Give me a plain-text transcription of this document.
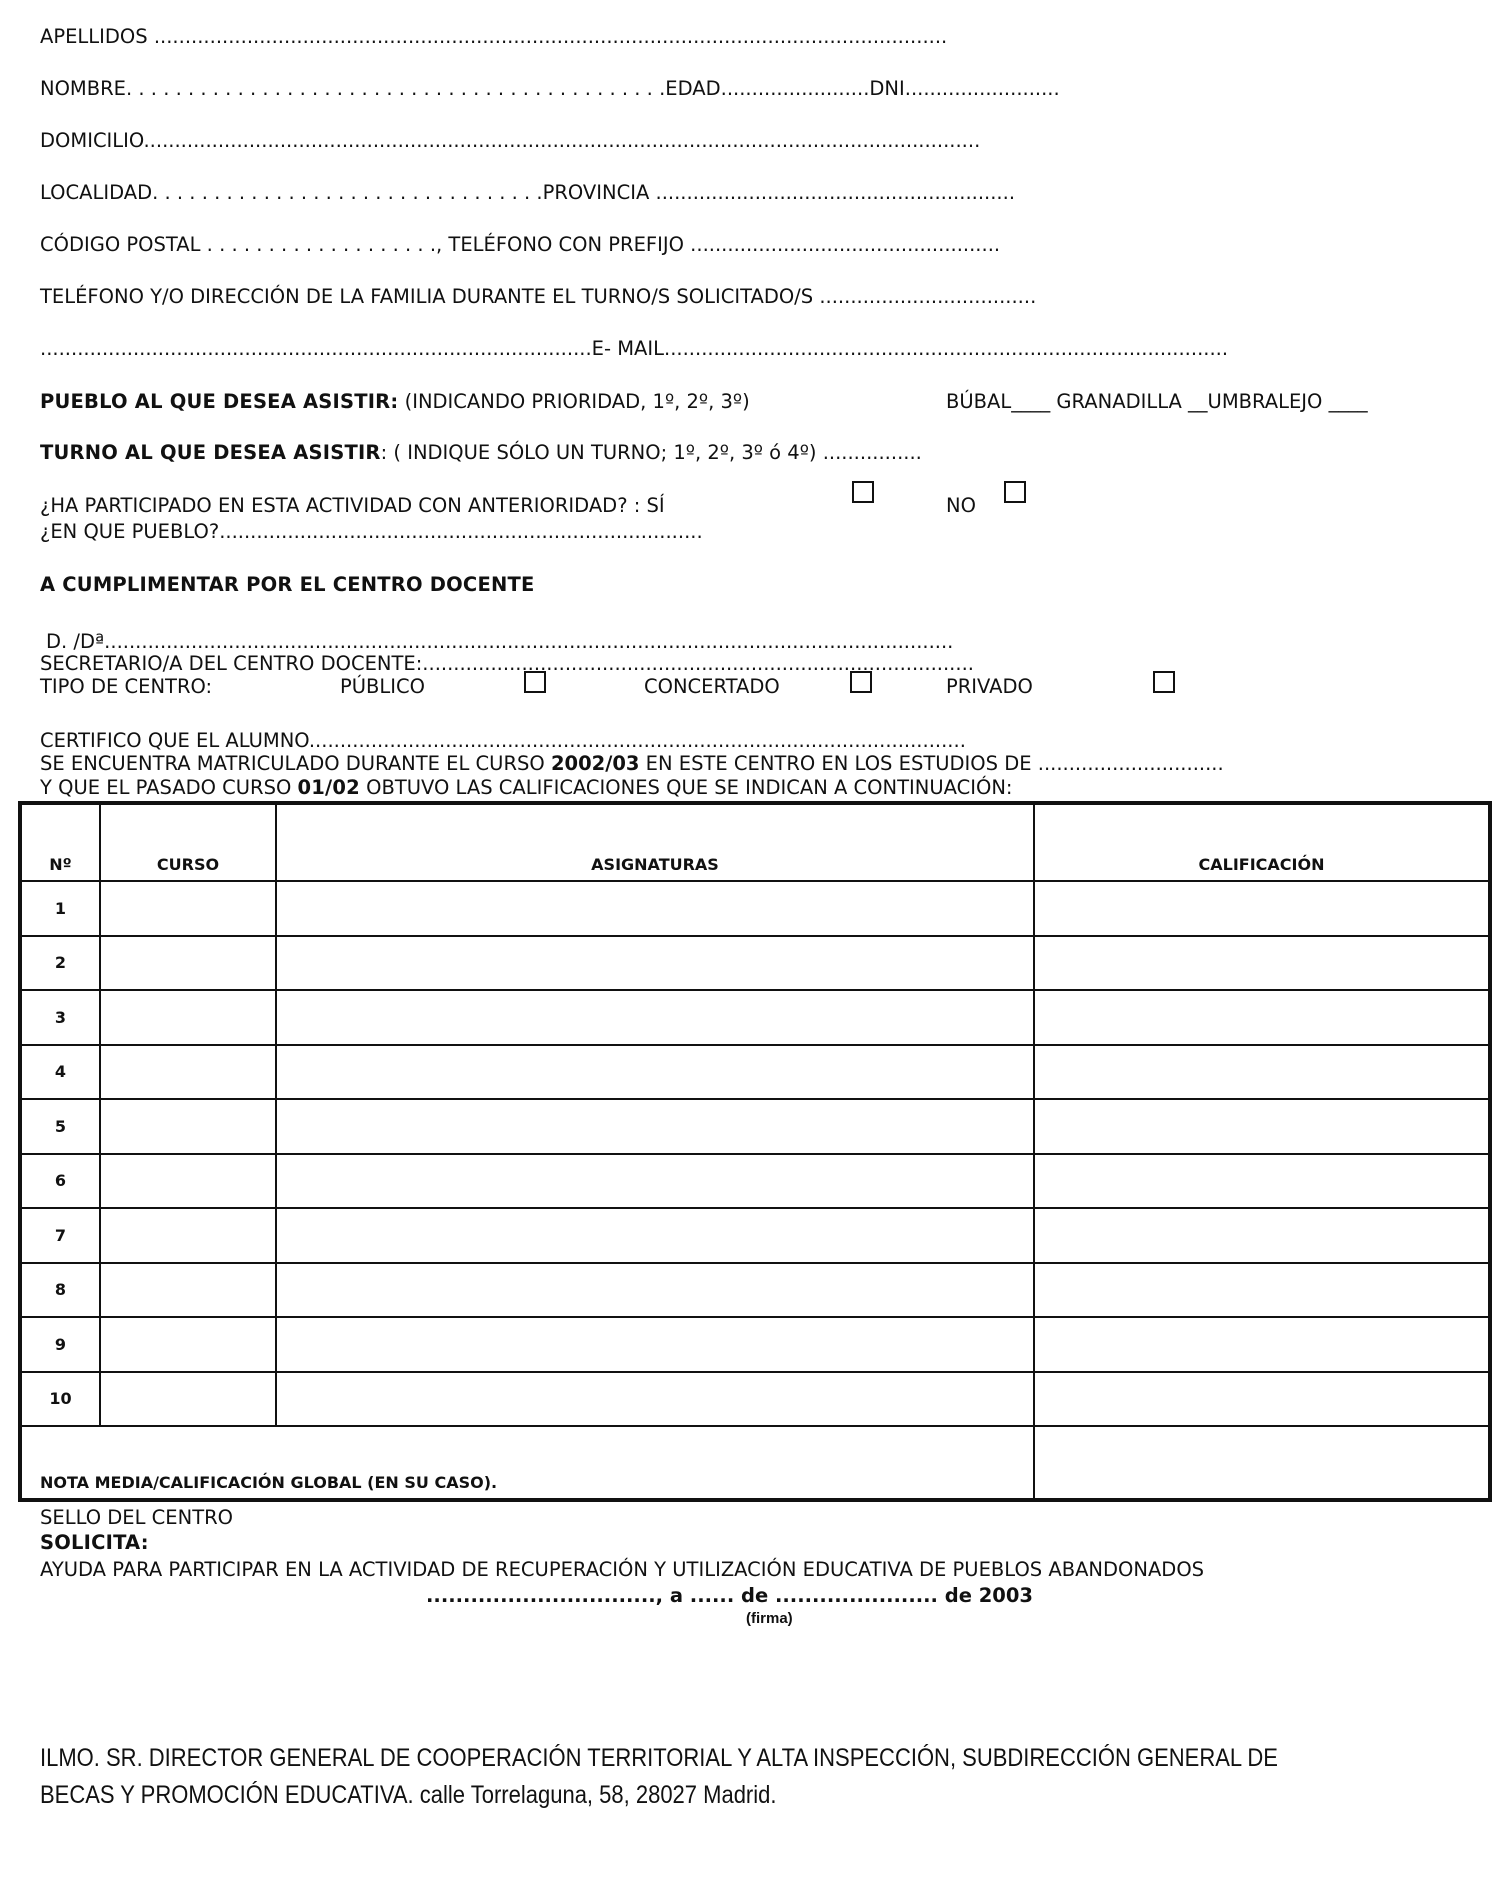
APELLIDOS ................................................................................................................................
NOMBRE. . . . . . . . . . . . . . . . . . . . . . . . . . . . . . . . . . . . . . . . . . . .EDAD........................DNI.........................
DOMICILIO.......................................................................................................................................
LOCALIDAD. . . . . . . . . . . . . . . . . . . . . . . . . . . . . . . .PROVINCIA ..........................................................
CÓDIGO POSTAL . . . . . . . . . . . . . . . . . . ., TELÉFONO CON PREFIJO ..................................................
TELÉFONO Y/O DIRECCIÓN DE LA FAMILIA DURANTE EL TURNO/S SOLICITADO/S ...................................
.........................................................................................E- MAIL...........................................................................................
PUEBLO AL QUE DESEA ASISTIR: (INDICANDO PRIORIDAD, 1º, 2º, 3º)	BÚBAL____ GRANADILLA __UMBRALEJO ____
TURNO AL QUE DESEA ASISTIR: ( INDIQUE SÓLO UN TURNO; 1º, 2º, 3º ó 4º) ................
¿HA PARTICIPADO EN ESTA ACTIVIDAD CON ANTERIORIDAD? : SÍ	NO
¿EN QUE PUEBLO?..............................................................................
A CUMPLIMENTAR POR EL CENTRO DOCENTE
D. /Dª.........................................................................................................................................
SECRETARIO/A DEL CENTRO DOCENTE:.........................................................................................
TIPO DE CENTRO:	PÚBLICO	CONCERTADO	PRIVADO
CERTIFICO QUE EL ALUMNO..........................................................................................................
SE ENCUENTRA MATRICULADO DURANTE EL CURSO 2002/03 EN ESTE CENTRO EN LOS ESTUDIOS DE ..............................
Y QUE EL PASADO CURSO 01/02 OBTUVO LAS CALIFICACIONES QUE SE INDICAN A CONTINUACIÓN:
Nº	CURSO	ASIGNATURAS	CALIFICACIÓN
1			
2			
3			
4			
5			
6			
7			
8			
9			
10			
NOTA MEDIA/CALIFICACIÓN GLOBAL (EN SU CASO).			
SELLO DEL CENTRO
SOLICITA:
AYUDA PARA PARTICIPAR EN LA ACTIVIDAD DE RECUPERACIÓN Y UTILIZACIÓN EDUCATIVA DE PUEBLOS ABANDONADOS
..............................., a ...... de ...................... de 2003
(firma)
ILMO. SR. DIRECTOR GENERAL DE COOPERACIÓN TERRITORIAL Y ALTA INSPECCIÓN, SUBDIRECCIÓN GENERAL DE
BECAS Y PROMOCIÓN EDUCATIVA. calle Torrelaguna, 58, 28027 Madrid.
